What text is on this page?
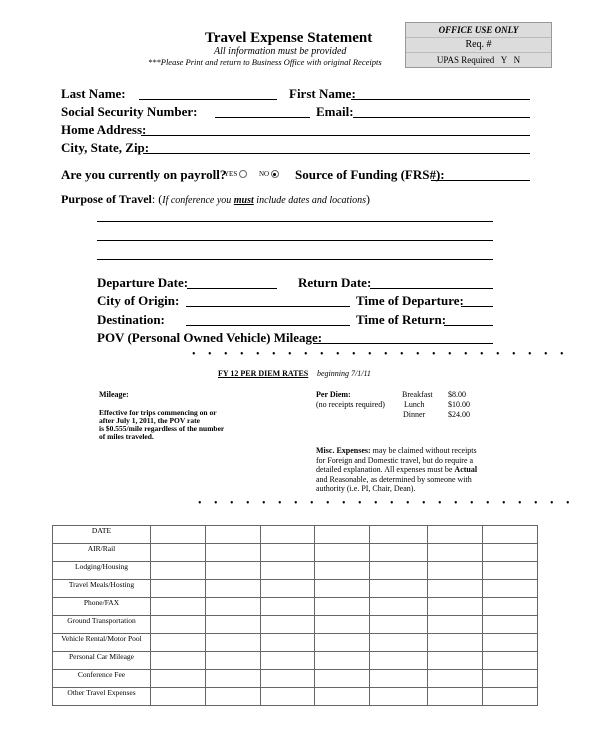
Travel Expense Statement
All information must be provided
***Please Print and return to Business Office with original Receipts
OFFICE USE ONLY
Req. #
UPAS Required   Y   N
Last Name:	First Name:
Social Security Number:	Email:
Home Address:
City, State, Zip:
Are you currently on payroll?
YES	NO	Source of Funding (FRS#):
Purpose of Travel: (If conference you must include dates and locations)
Departure Date:	Return Date:
City of Origin:	Time of Departure:
Destination:	Time of Return:
POV (Personal Owned Vehicle) Mileage:
• • • • • • • • • • • • • • • • • • • • • • • •
FY 12 PER DIEM RATES beginning 7/1/11
Mileage:

Effective for trips commencing on or

after July 1, 2011, the POV rate

is $0.555/mile regardless of the number

of miles traveled.

Per Diem:

(no receipts required)

Breakfast $8.00

Lunch	$10.00

Dinner	$24.00

Misc. Expenses: may be claimed without receipts

for Foreign and Domestic travel, but do require a

detailed explanation. All expenses must be Actual

and Reasonable, as determined by someone with

authority (i.e. PI, Chair, Dean).

• • • • • • • • • • • • • • • • • • • • • • • •
DATE							
AIR/Rail							
Lodging/Housing							
Travel Meals/Hosting							
Phone/FAX							
Ground Transportation							
Vehicle Rental/Motor Pool							
Personal Car Mileage							
Conference Fee							
Other Travel Expenses							
